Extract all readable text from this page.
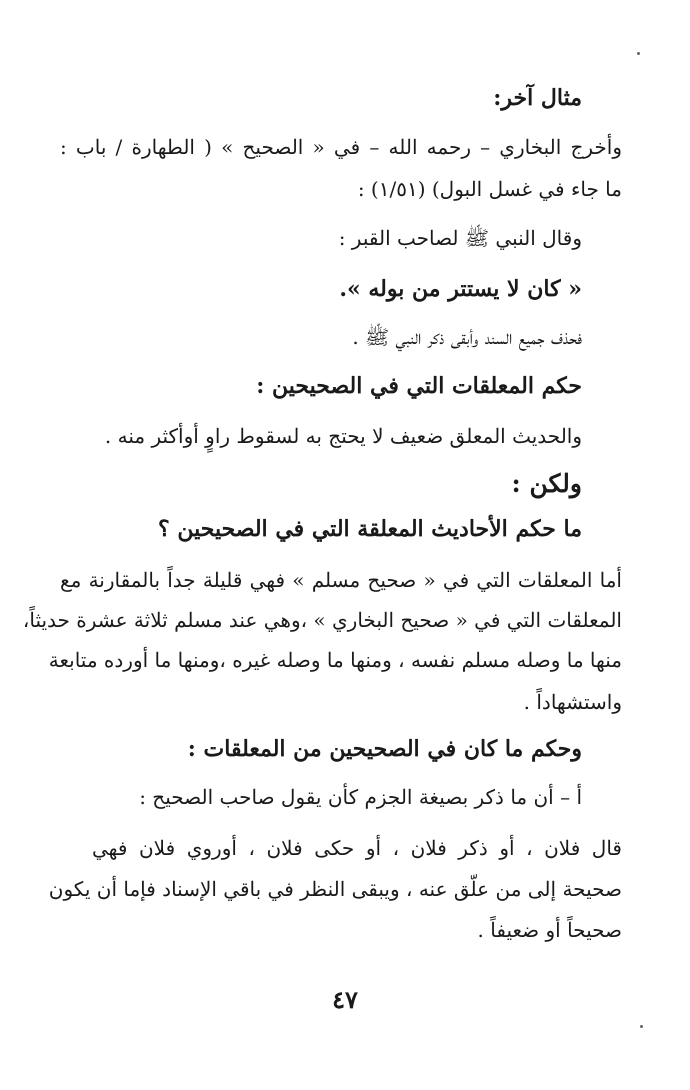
مثال آخر:
وأخرج البخاري – رحمه الله – في « الصحيح » ( الطهارة / باب :
ما جاء في غسل البول) (١/٥١) :
وقال النبي ﷺ لصاحب القبر :
« كان لا يستتر من بوله ».
فحذف جميع السند وأبقى ذكر النبي ﷺ .
حكم المعلقات التي في الصحيحين :
والحديث المعلق ضعيف لا يحتج به لسقوط راوٍ أوأكثر منه .
ولكن :
ما حكم الأحاديث المعلقة التي في الصحيحين ؟
أما المعلقات التي في « صحيح مسلم » فهي قليلة جداً بالمقارنة مع
المعلقات التي في « صحيح البخاري » ،وهي عند مسلم ثلاثة عشرة حديثاً،
منها ما وصله مسلم نفسه ، ومنها ما وصله غيره ،ومنها ما أورده متابعة
واستشهاداً .
وحكم ما كان في الصحيحين من المعلقات :
أ – أن ما ذكر بصيغة الجزم كأن يقول صاحب الصحيح :
قال فلان ، أو ذكر فلان ، أو حكى فلان ، أوروي فلان فهي
صحيحة إلى من علّق عنه ، ويبقى النظر في باقي الإسناد فإما أن يكون
صحيحاً أو ضعيفاً .
٤٧
